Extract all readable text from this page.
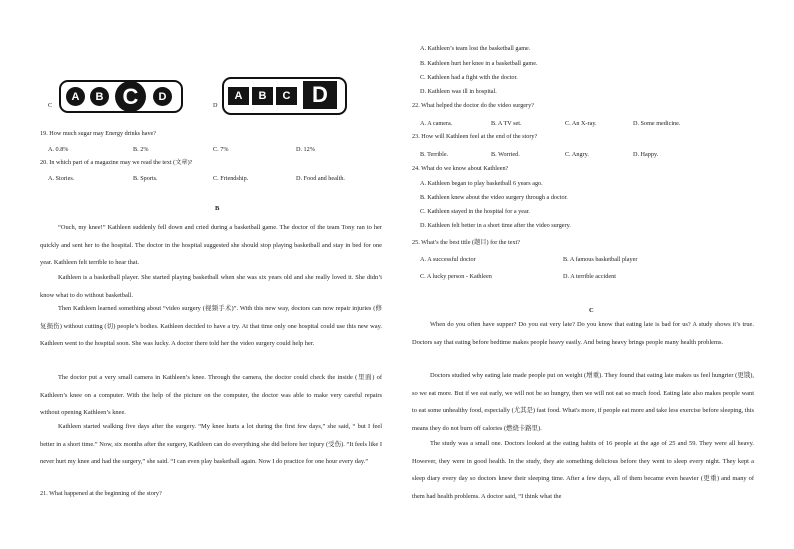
C
A	B C	D
D
A	B	C D
19. How much sugar may Energy drinks have?
A. 0.8%	B. 2%	C. 7%	D. 12%
20. In which part of a magazine may we read the text (文章)?
A. Stories.	B. Sports.	C. Friendship.	D. Food and health.
B
“Ouch, my knee!” Kathleen suddenly fell down and cried during a basketball game. The doctor of the team Tony ran to her quickly and sent her to the hospital. The doctor in the hospital suggested she should stop playing basketball and stay in bed for one year. Kathleen felt terrible to hear that.
Kathleen is a basketball player. She started playing basketball when she was six years old and she really loved it. She didn’t know what to do without basketball.
Then Kathleen learned something about “video surgery (视频手术)”. With this new way, doctors can now repair injuries (修复损伤) without cutting (切) people’s bodies. Kathleen decided to have a try. At that time only one hospital could use this new way. Kathleen went to the hospital soon. She was lucky. A doctor there told her the video surgery could help her.
The doctor put a very small camera in Kathleen’s knee. Through the camera, the doctor could check the inside (里面) of Kathleen’s knee on a computer. With the help of the picture on the computer, the doctor was able to make very careful repairs without opening Kathleen’s knee.
Kathleen started walking five days after the surgery. “My knee hurts a lot during the first few days,” she said, “ but I feel better in a short time.” Now, six months after the surgery, Kathleen can do everything she did before her injury (受伤). “It feels like I never hurt my knee and had the surgery,” she said. “I can even play basketball again. Now I do practice for one hour every day.”
21. What happened at the beginning of the story?
A. Kathleen’s team lost the basketball game.
B. Kathleen hurt her knee in a basketball game.
C. Kathleen had a fight with the doctor.
D. Kathleen was ill in hospital.
22. What helped the doctor do the video surgery?
A. A camera.	B. A TV set.	C. An X-ray.	D. Some medicine.
23. How will Kathleen feel at the end of the story?
B. Terrible.	B. Worried.	C. Angry.	D. Happy.
24. What do we know about Kathleen?
A. Kathleen began to play basketball 6 years ago.
B. Kathleen knew about the video surgery through a doctor.
C. Kathleen stayed in the hospital for a year.
D. Kathleen felt better in a short time after the video surgery.
25. What’s the best title (题目) for the text?
A. A successful doctor	B. A famous basketball player
C. A lucky person - Kathleen	D. A terrible accident
C
When do you often have supper? Do you eat very late? Do you know that eating late is bad for us? A study shows it’s true. Doctors say that eating before bedtime makes people heavy easily. And being heavy brings people many health problems.
Doctors studied why eating late made people put on weight (增重). They found that eating late makes us feel hungrier (更饿), so we eat more. But if we eat early, we will not be so hungry, then we will not eat so much food. Eating late also makes people want to eat some unhealthy food, especially (尤其是) fast food. What's more, if people eat more and take less exercise before sleeping, this means they do not burn off calories (燃烧卡路里).
The study was a small one. Doctors looked at the eating habits of 16 people at the age of 25 and 59. They were all heavy. However, they were in good health. In the study, they ate something delicious before they went to sleep every night. They kept a sleep diary every day so doctors knew their sleeping time. After a few days, all of them became even heavier (更重) and many of them had health problems. A doctor said, “I think what the
